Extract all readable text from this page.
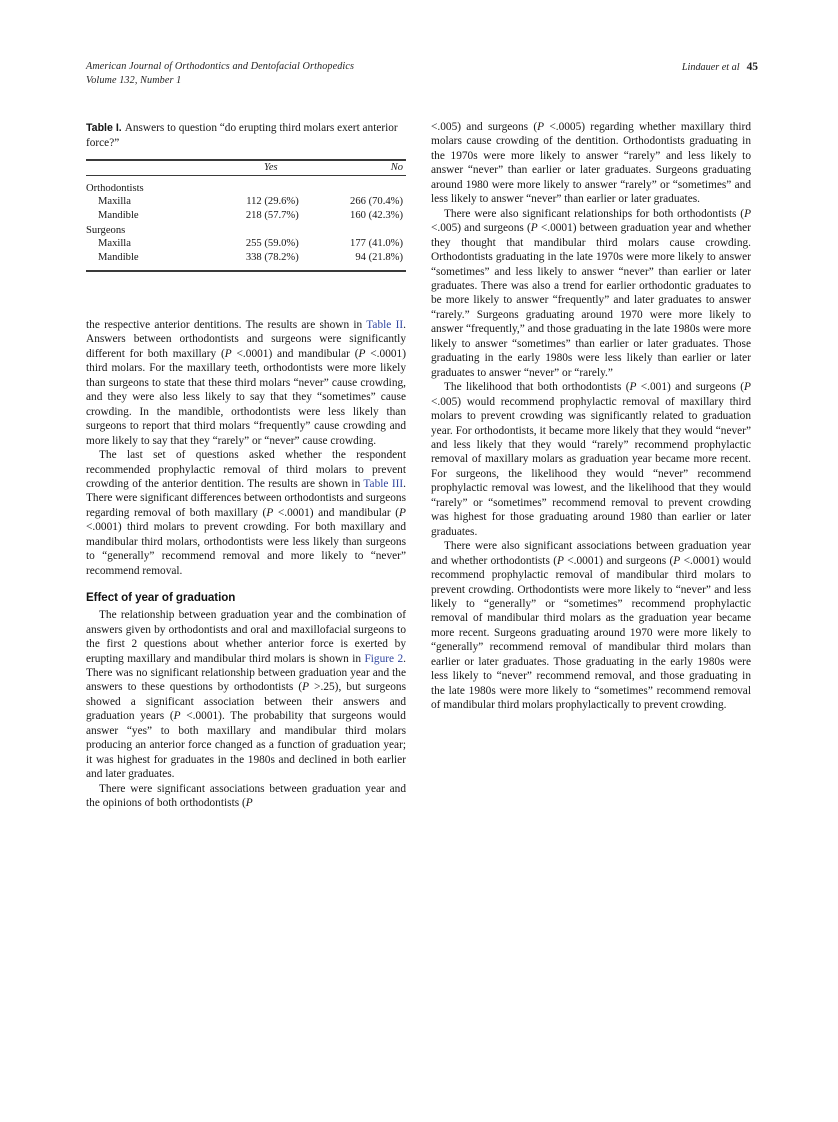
American Journal of Orthodontics and Dentofacial Orthopedics
Volume 132, Number 1
Lindauer et al 45
Table I. Answers to question “do erupting third molars exert anterior force?”

	Yes	No

Orthodontists		
Maxilla	112 (29.6%)	266 (70.4%)
Mandible	218 (57.7%)	160 (42.3%)
Surgeons		
Maxilla	255 (59.0%)	177 (41.0%)
Mandible	338 (78.2%)	94 (21.8%)

the respective anterior dentitions. The results are shown in Table II. Answers between orthodontists and surgeons were significantly different for both maxillary (P <.0001) and mandibular (P <.0001) third molars. For the maxillary teeth, orthodontists were more likely than surgeons to state that these third molars “never” cause crowding, and they were also less likely to say that they “sometimes” cause crowding. In the mandible, orthodontists were less likely than surgeons to report that third molars “frequently” cause crowding and more likely to say that they “rarely” or “never” cause crowding.

The last set of questions asked whether the respondent recommended prophylactic removal of third molars to prevent crowding of the anterior dentition. The results are shown in Table III. There were significant differences between orthodontists and surgeons regarding removal of both maxillary (P <.0001) and mandibular (P <.0001) third molars to prevent crowding. For both maxillary and mandibular third molars, orthodontists were less likely than surgeons to “generally” recommend removal and more likely to “never” recommend removal.

Effect of year of graduation

The relationship between graduation year and the combination of answers given by orthodontists and oral and maxillofacial surgeons to the first 2 questions about whether anterior force is exerted by erupting maxillary and mandibular third molars is shown in Figure 2. There was no significant relationship between graduation year and the answers to these questions by orthodontists (P >.25), but surgeons showed a significant association between their answers and graduation years (P <.0001). The probability that surgeons would answer “yes” to both maxillary and mandibular third molars producing an anterior force changed as a function of graduation year; it was highest for graduates in the 1980s and declined in both earlier and later graduates.

There were significant associations between graduation year and the opinions of both orthodontists (P

<.005) and surgeons (P <.0005) regarding whether maxillary third molars cause crowding of the dentition. Orthodontists graduating in the 1970s were more likely to answer “rarely” and less likely to answer “never” than earlier or later graduates. Surgeons graduating around 1980 were more likely to answer “rarely” or “sometimes” and less likely to answer “never” than earlier or later graduates.

There were also significant relationships for both orthodontists (P <.005) and surgeons (P <.0001) between graduation year and whether they thought that mandibular third molars cause crowding. Orthodontists graduating in the late 1970s were more likely to answer “sometimes” and less likely to answer “never” than earlier or later graduates. There was also a trend for earlier orthodontic graduates to be more likely to answer “frequently” and later graduates to answer “rarely.” Surgeons graduating around 1970 were more likely to answer “frequently,” and those graduating in the late 1980s were more likely to answer “sometimes” than earlier or later graduates. Those graduating in the early 1980s were less likely than earlier or later graduates to answer “never” or “rarely.”

The likelihood that both orthodontists (P <.001) and surgeons (P <.005) would recommend prophylactic removal of maxillary third molars to prevent crowding was significantly related to graduation year. For orthodontists, it became more likely that they would “never” and less likely that they would “rarely” recommend prophylactic removal of maxillary molars as graduation year became more recent. For surgeons, the likelihood they would “never” recommend prophylactic removal was lowest, and the likelihood that they would “rarely” or “sometimes” recommend removal to prevent crowding was highest for those graduating around 1980 than earlier or later graduates.

There were also significant associations between graduation year and whether orthodontists (P <.0001) and surgeons (P <.0001) would recommend prophylactic removal of mandibular third molars to prevent crowding. Orthodontists were more likely to “never” and less likely to “generally” or “sometimes” recommend prophylactic removal of mandibular third molars as the graduation year became more recent. Surgeons graduating around 1970 were more likely to “generally” recommend removal of mandibular third molars than earlier or later graduates. Those graduating in the early 1980s were less likely to “never” recommend removal, and those graduating in the late 1980s were more likely to “sometimes” recommend removal of mandibular third molars prophylactically to prevent crowding.
